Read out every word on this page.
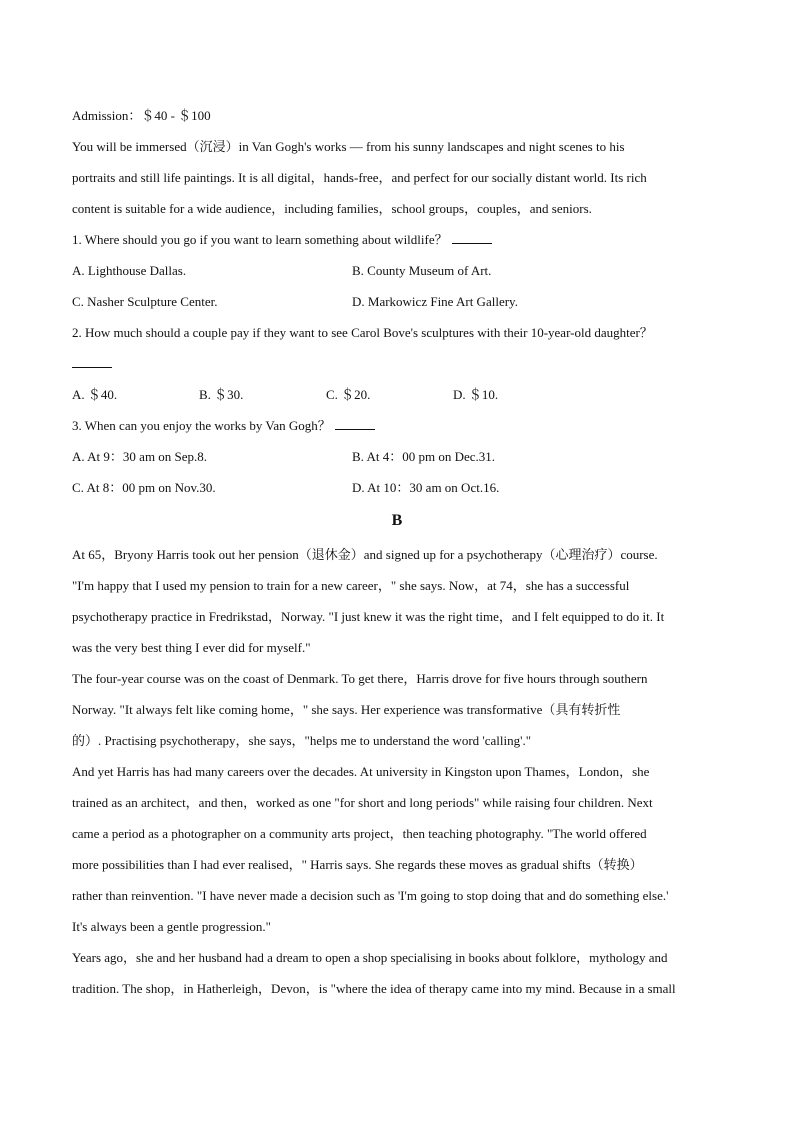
Admission：＄40 - ＄100
You will be immersed（沉浸）in Van Gogh's works — from his sunny landscapes and night scenes to his
portraits and still life paintings. It is all digital，hands-free，and perfect for our socially distant world. Its rich
content is suitable for a wide audience，including families，school groups，couples，and seniors.
1. Where should you go if you want to learn something about wildlife？
A. Lighthouse Dallas.	B. County Museum of Art.
C. Nasher Sculpture Center.	D. Markowicz Fine Art Gallery.
2. How much should a couple pay if they want to see Carol Bove's sculptures with their 10-year-old daughter？
A. ＄40.	B. ＄30.	C. ＄20.	D. ＄10.
3. When can you enjoy the works by Van Gogh？
A. At 9：30 am on Sep.8.	B. At 4：00 pm on Dec.31.
C. At 8：00 pm on Nov.30.	D. At 10：30 am on Oct.16.
B
At 65，Bryony Harris took out her pension（退休金）and signed up for a psychotherapy（心理治疗）course.
"I'm happy that I used my pension to train for a new career，" she says. Now，at 74，she has a successful
psychotherapy practice in Fredrikstad，Norway. "I just knew it was the right time，and I felt equipped to do it. It
was the very best thing I ever did for myself."
The four-year course was on the coast of Denmark. To get there，Harris drove for five hours through southern
Norway. "It always felt like coming home，" she says. Her experience was transformative（具有转折性
的）. Practising psychotherapy，she says，"helps me to understand the word 'calling'."
And yet Harris has had many careers over the decades. At university in Kingston upon Thames，London，she
trained as an architect，and then，worked as one "for short and long periods" while raising four children. Next
came a period as a photographer on a community arts project，then teaching photography. "The world offered
more possibilities than I had ever realised，" Harris says. She regards these moves as gradual shifts（转换）
rather than reinvention. "I have never made a decision such as 'I'm going to stop doing that and do something else.'
It's always been a gentle progression."
Years ago，she and her husband had a dream to open a shop specialising in books about folklore，mythology and
tradition. The shop，in Hatherleigh，Devon，is "where the idea of therapy came into my mind. Because in a small
